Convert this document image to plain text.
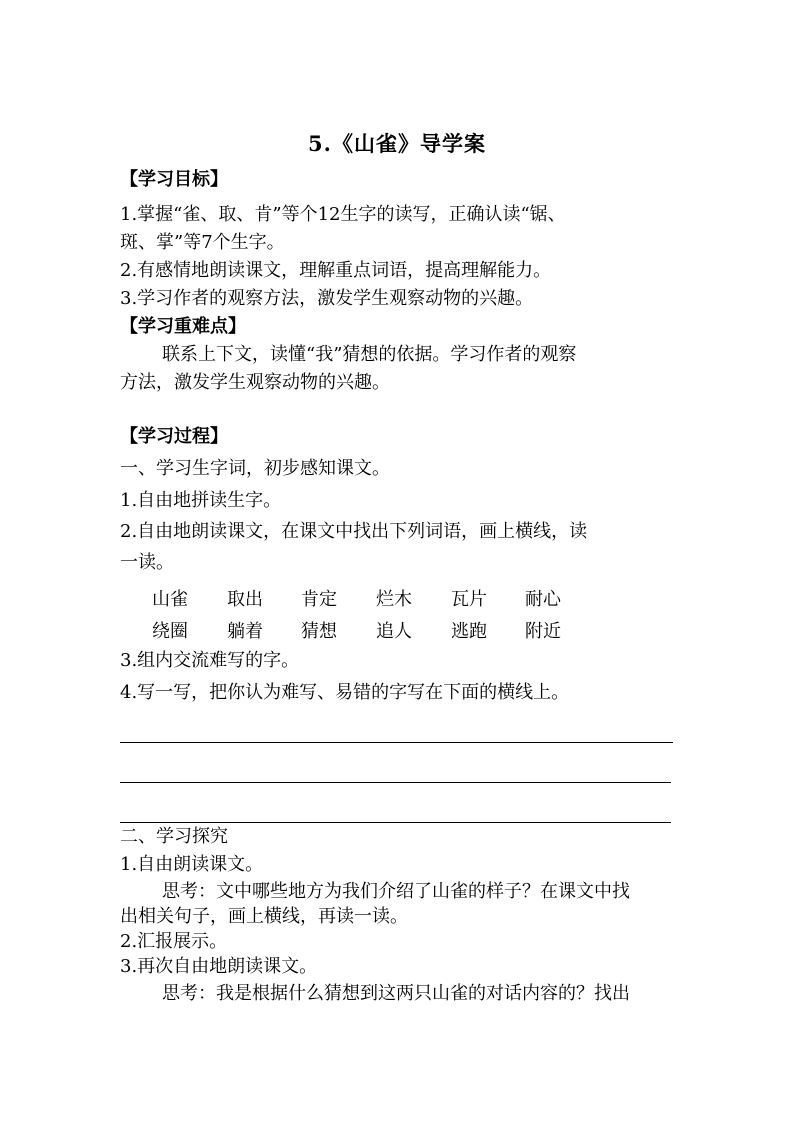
5.《山雀》导学案
【学习目标】
1.掌握“雀、取、肯”等个12生字的读写，正确认读“锯、
斑、掌”等7个生字。
2.有感情地朗读课文，理解重点词语，提高理解能力。
3.学习作者的观察方法，激发学生观察动物的兴趣。
【学习重难点】
联系上下文，读懂“我”猜想的依据。学习作者的观察
方法，激发学生观察动物的兴趣。
【学习过程】
一、学习生字词，初步感知课文。
1.自由地拼读生字。
2.自由地朗读课文，在课文中找出下列词语，画上横线，读
一读。
山雀 取出 肯定 烂木 瓦片 耐心
绕圈 躺着 猜想 追人 逃跑 附近
3.组内交流难写的字。
4.写一写，把你认为难写、易错的字写在下面的横线上。
二、学习探究
1.自由朗读课文。
思考：文中哪些地方为我们介绍了山雀的样子？在课文中找
出相关句子，画上横线，再读一读。
2.汇报展示。
3.再次自由地朗读课文。
思考：我是根据什么猜想到这两只山雀的对话内容的？找出
